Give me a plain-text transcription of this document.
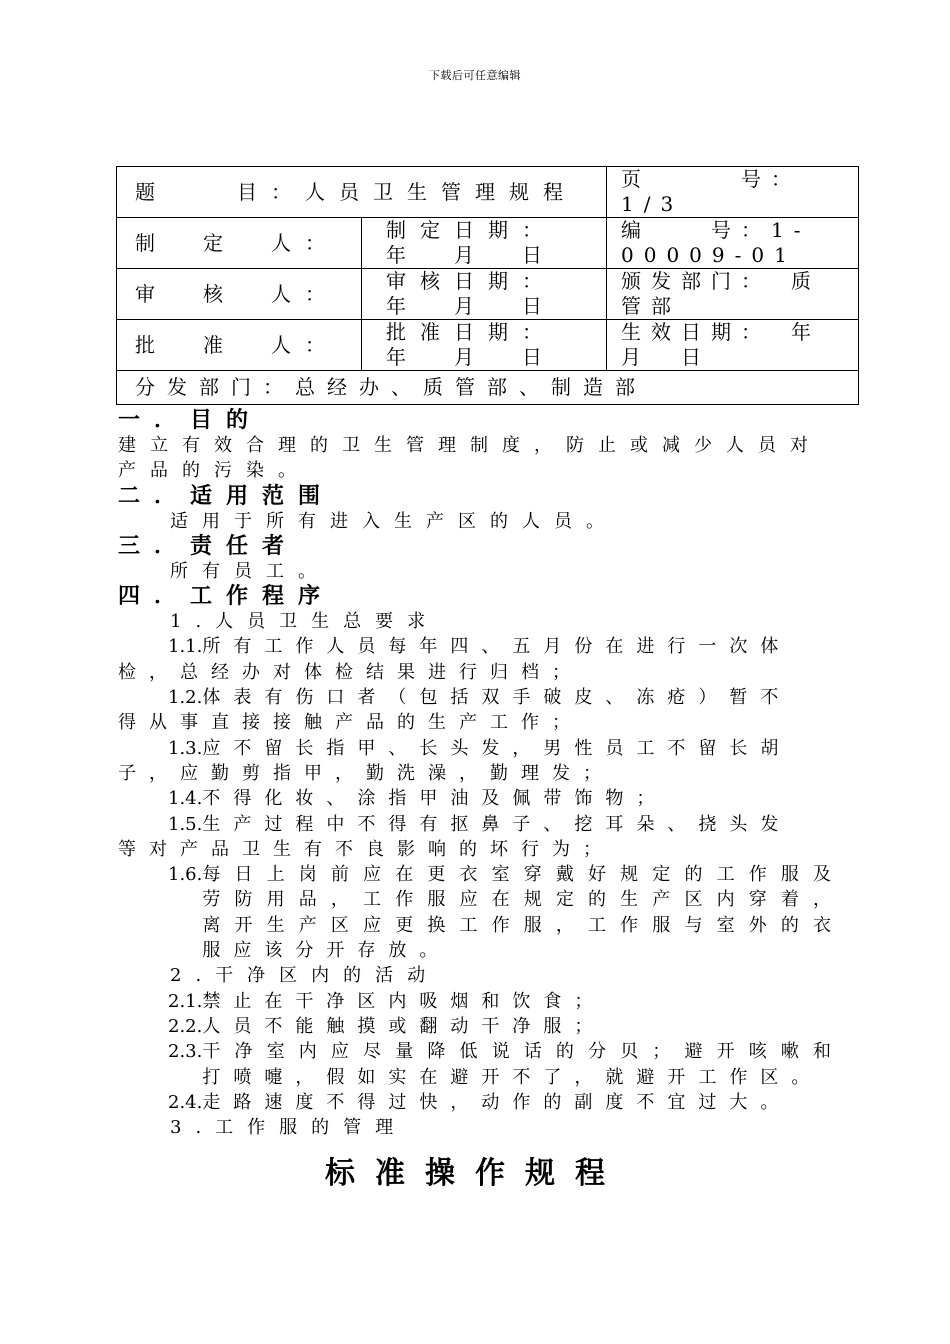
下载后可任意编辑
题　　目：人员卫生管理规程		页　　　号：1/3
制　定　人：	制定日期：　年　月　日	编　　号：1-00009-01
审　核　人：	审核日期：　年　月　日	颁发部门：　质管部
批　准　人：	批准日期：　年　月　日	生效日期：　年　月　日
分发部门：总经办、质管部、制造部		
一．目的
建立有效合理的卫生管理制度，防止或减少人员对产品的污染。
二．适用范围
适用于所有进入生产区的人员。
三．责任者
所有员工。
四．工作程序
1.人员卫生总要求
1.1. 所有工作人员每年四、五月份在进行一次体
检，总经办对体检结果进行归档；
1.2. 体表有伤口者（包括双手破皮、冻疮）暂不
得从事直接接触产品的生产工作；
1.3. 应不留长指甲、长头发，男性员工不留长胡
子，应勤剪指甲，勤洗澡，勤理发；
1.4. 不得化妆、涂指甲油及佩带饰物；
1.5. 生产过程中不得有抠鼻子、挖耳朵、挠头发
等对产品卫生有不良影响的坏行为；
1.6. 每日上岗前应在更衣室穿戴好规定的工作服及劳防用品，工作服应在规定的生产区内穿着，离开生产区应更换工作服，工作服与室外的衣服应该分开存放。
2.干净区内的活动
2.1. 禁止在干净区内吸烟和饮食；
2.2. 人员不能触摸或翻动干净服；
2.3. 干净室内应尽量降低说话的分贝；避开咳嗽和打喷嚏，假如实在避开不了，就避开工作区。
2.4. 走路速度不得过快，动作的副度不宜过大。
3.工作服的管理
标准操作规程
